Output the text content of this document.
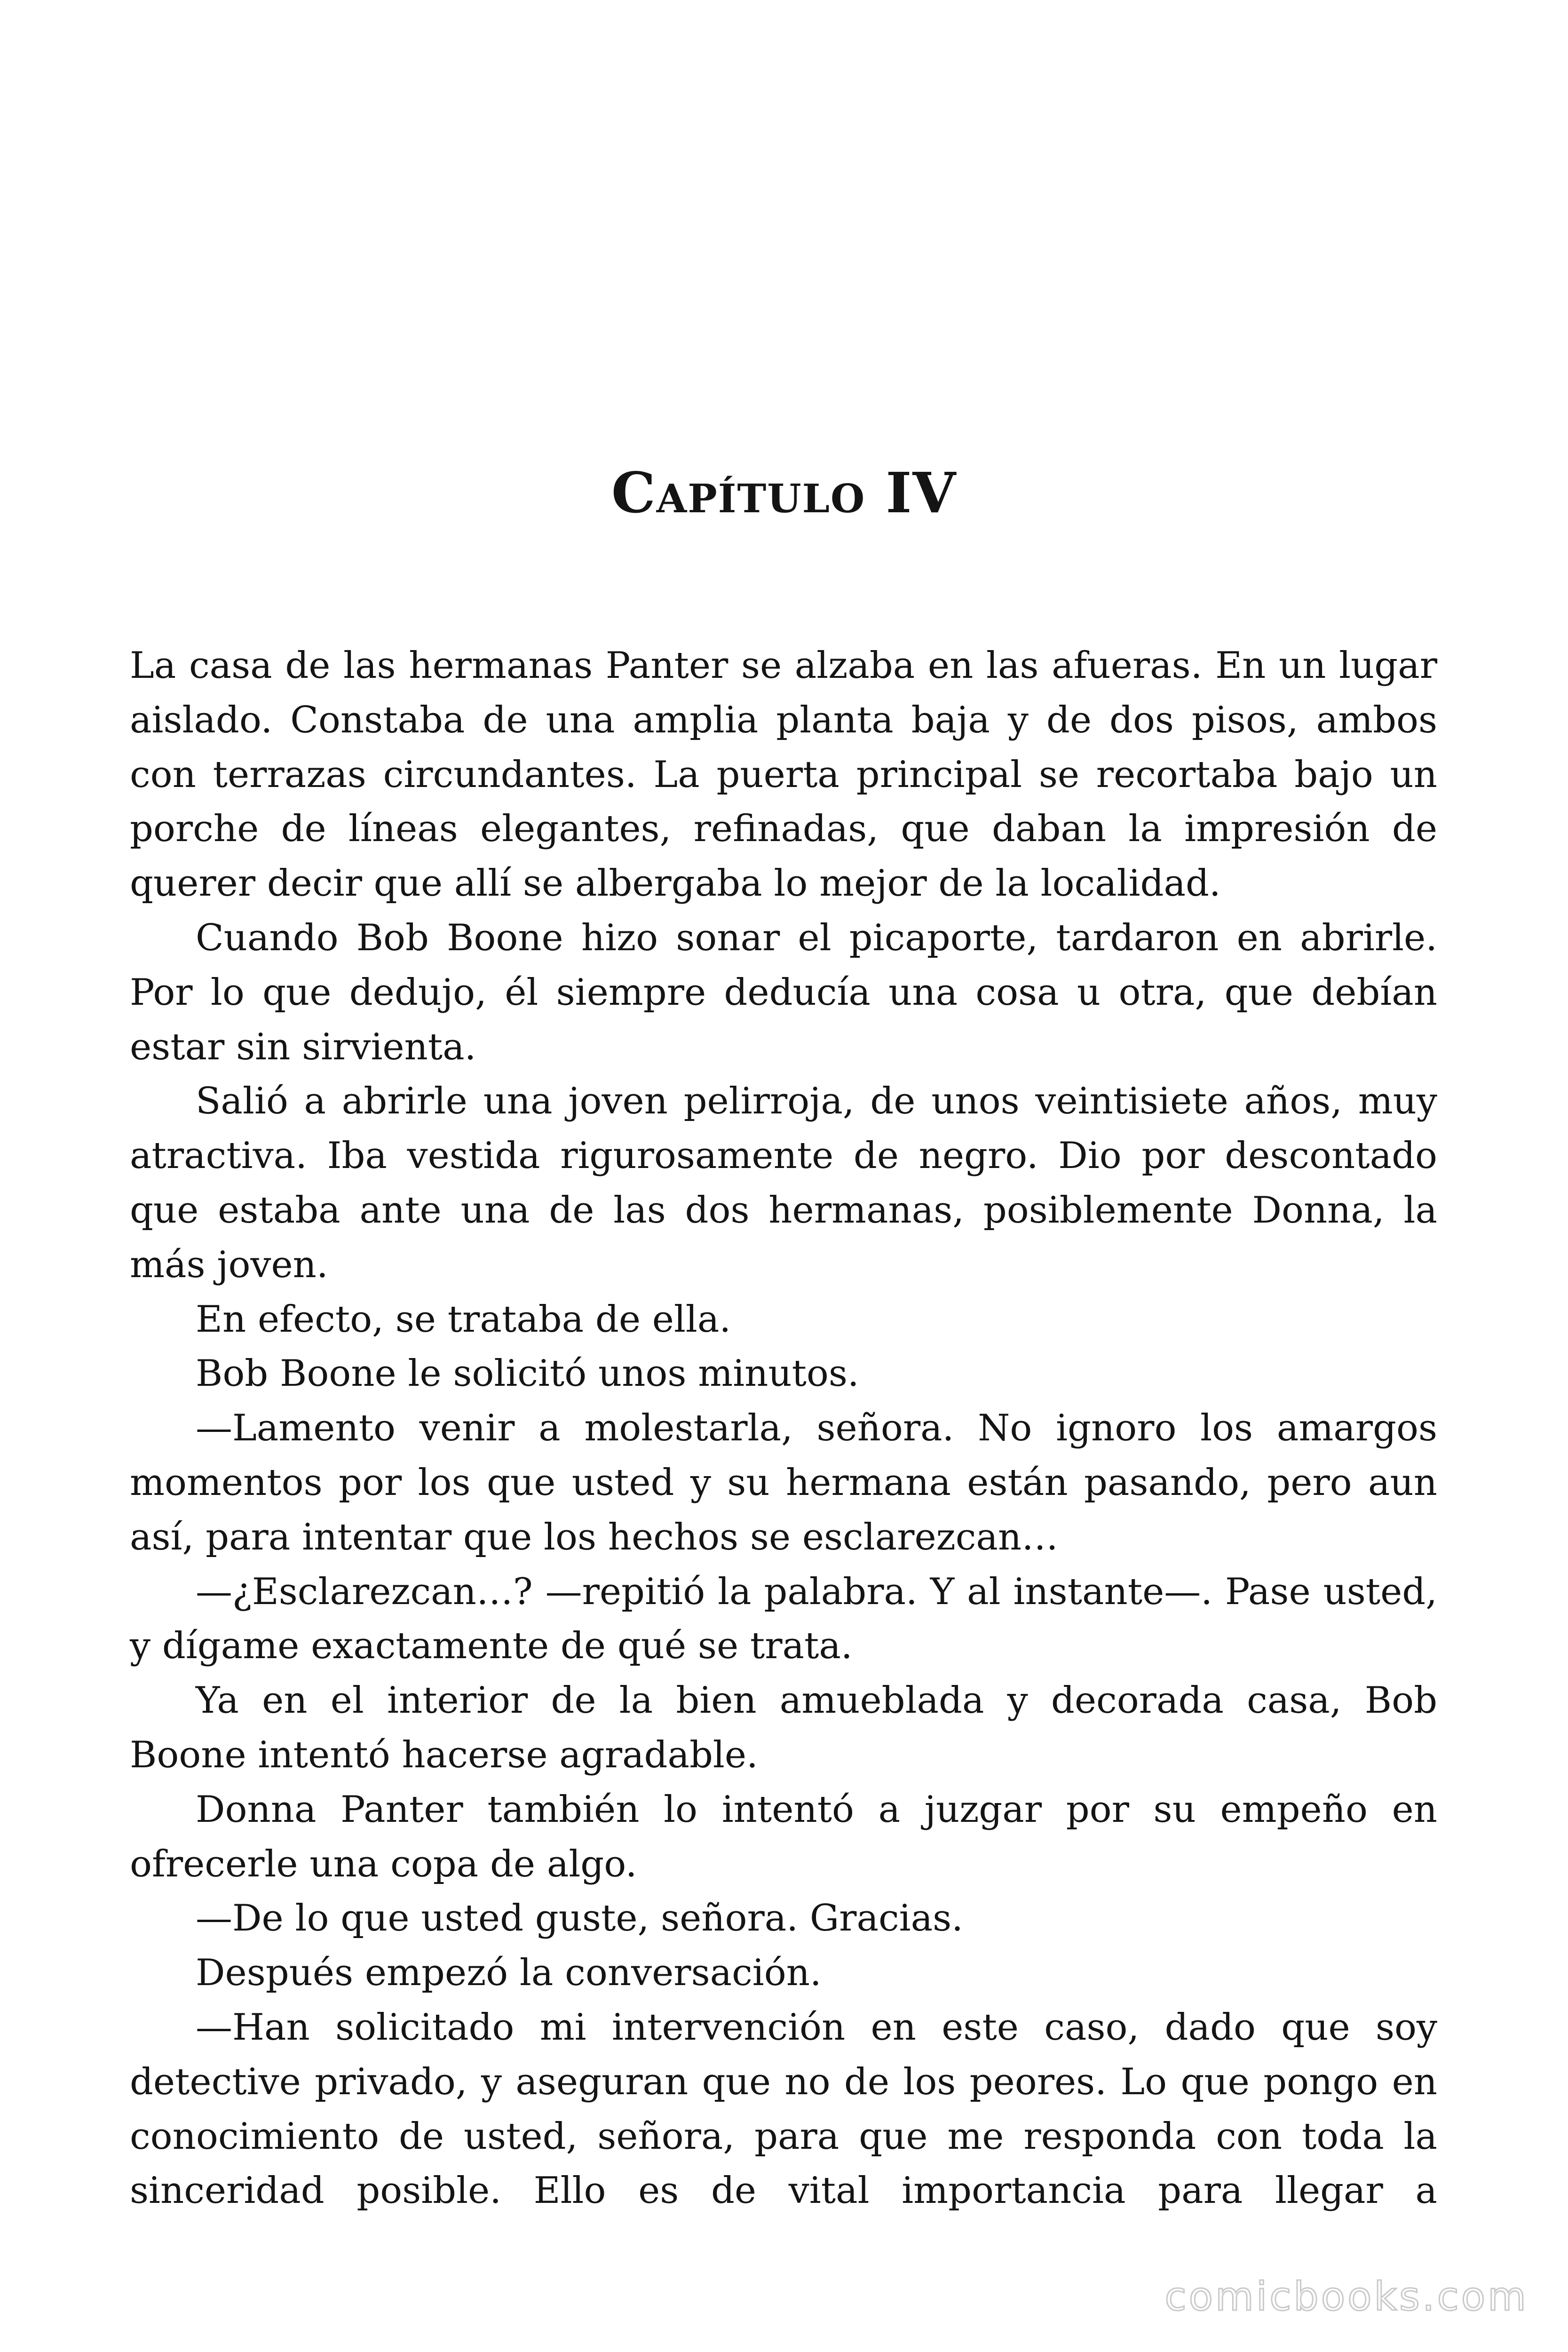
Capítulo IV

La casa de las hermanas Panter se alzaba en las afueras. En un lugar aislado. Constaba de una amplia planta baja y de dos pisos, ambos con terrazas circundantes. La puerta principal se recortaba bajo un porche de líneas elegantes, refinadas, que daban la impresión de querer decir que allí se albergaba lo mejor de la localidad.

Cuando Bob Boone hizo sonar el picaporte, tardaron en abrirle. Por lo que dedujo, él siempre deducía una cosa u otra, que debían estar sin sirvienta.

Salió a abrirle una joven pelirroja, de unos veintisiete años, muy atractiva. Iba vestida rigurosamente de negro. Dio por descontado que estaba ante una de las dos hermanas, posiblemente Donna, la más joven.

En efecto, se trataba de ella.

Bob Boone le solicitó unos minutos.

—Lamento venir a molestarla, señora. No ignoro los amargos momentos por los que usted y su hermana están pasando, pero aun así, para intentar que los hechos se esclarezcan…

—¿Esclarezcan…? —repitió la palabra. Y al instante—. Pase usted, y dígame exactamente de qué se trata.

Ya en el interior de la bien amueblada y decorada casa, Bob Boone intentó hacerse agradable.

Donna Panter también lo intentó a juzgar por su empeño en ofrecerle una copa de algo.

—De lo que usted guste, señora. Gracias.

Después empezó la conversación.

—Han solicitado mi intervención en este caso, dado que soy detective privado, y aseguran que no de los peores. Lo que pongo en conocimiento de usted, señora, para que me responda con toda la sinceridad posible. Ello es de vital importancia para llegar a

comicbooks.com
